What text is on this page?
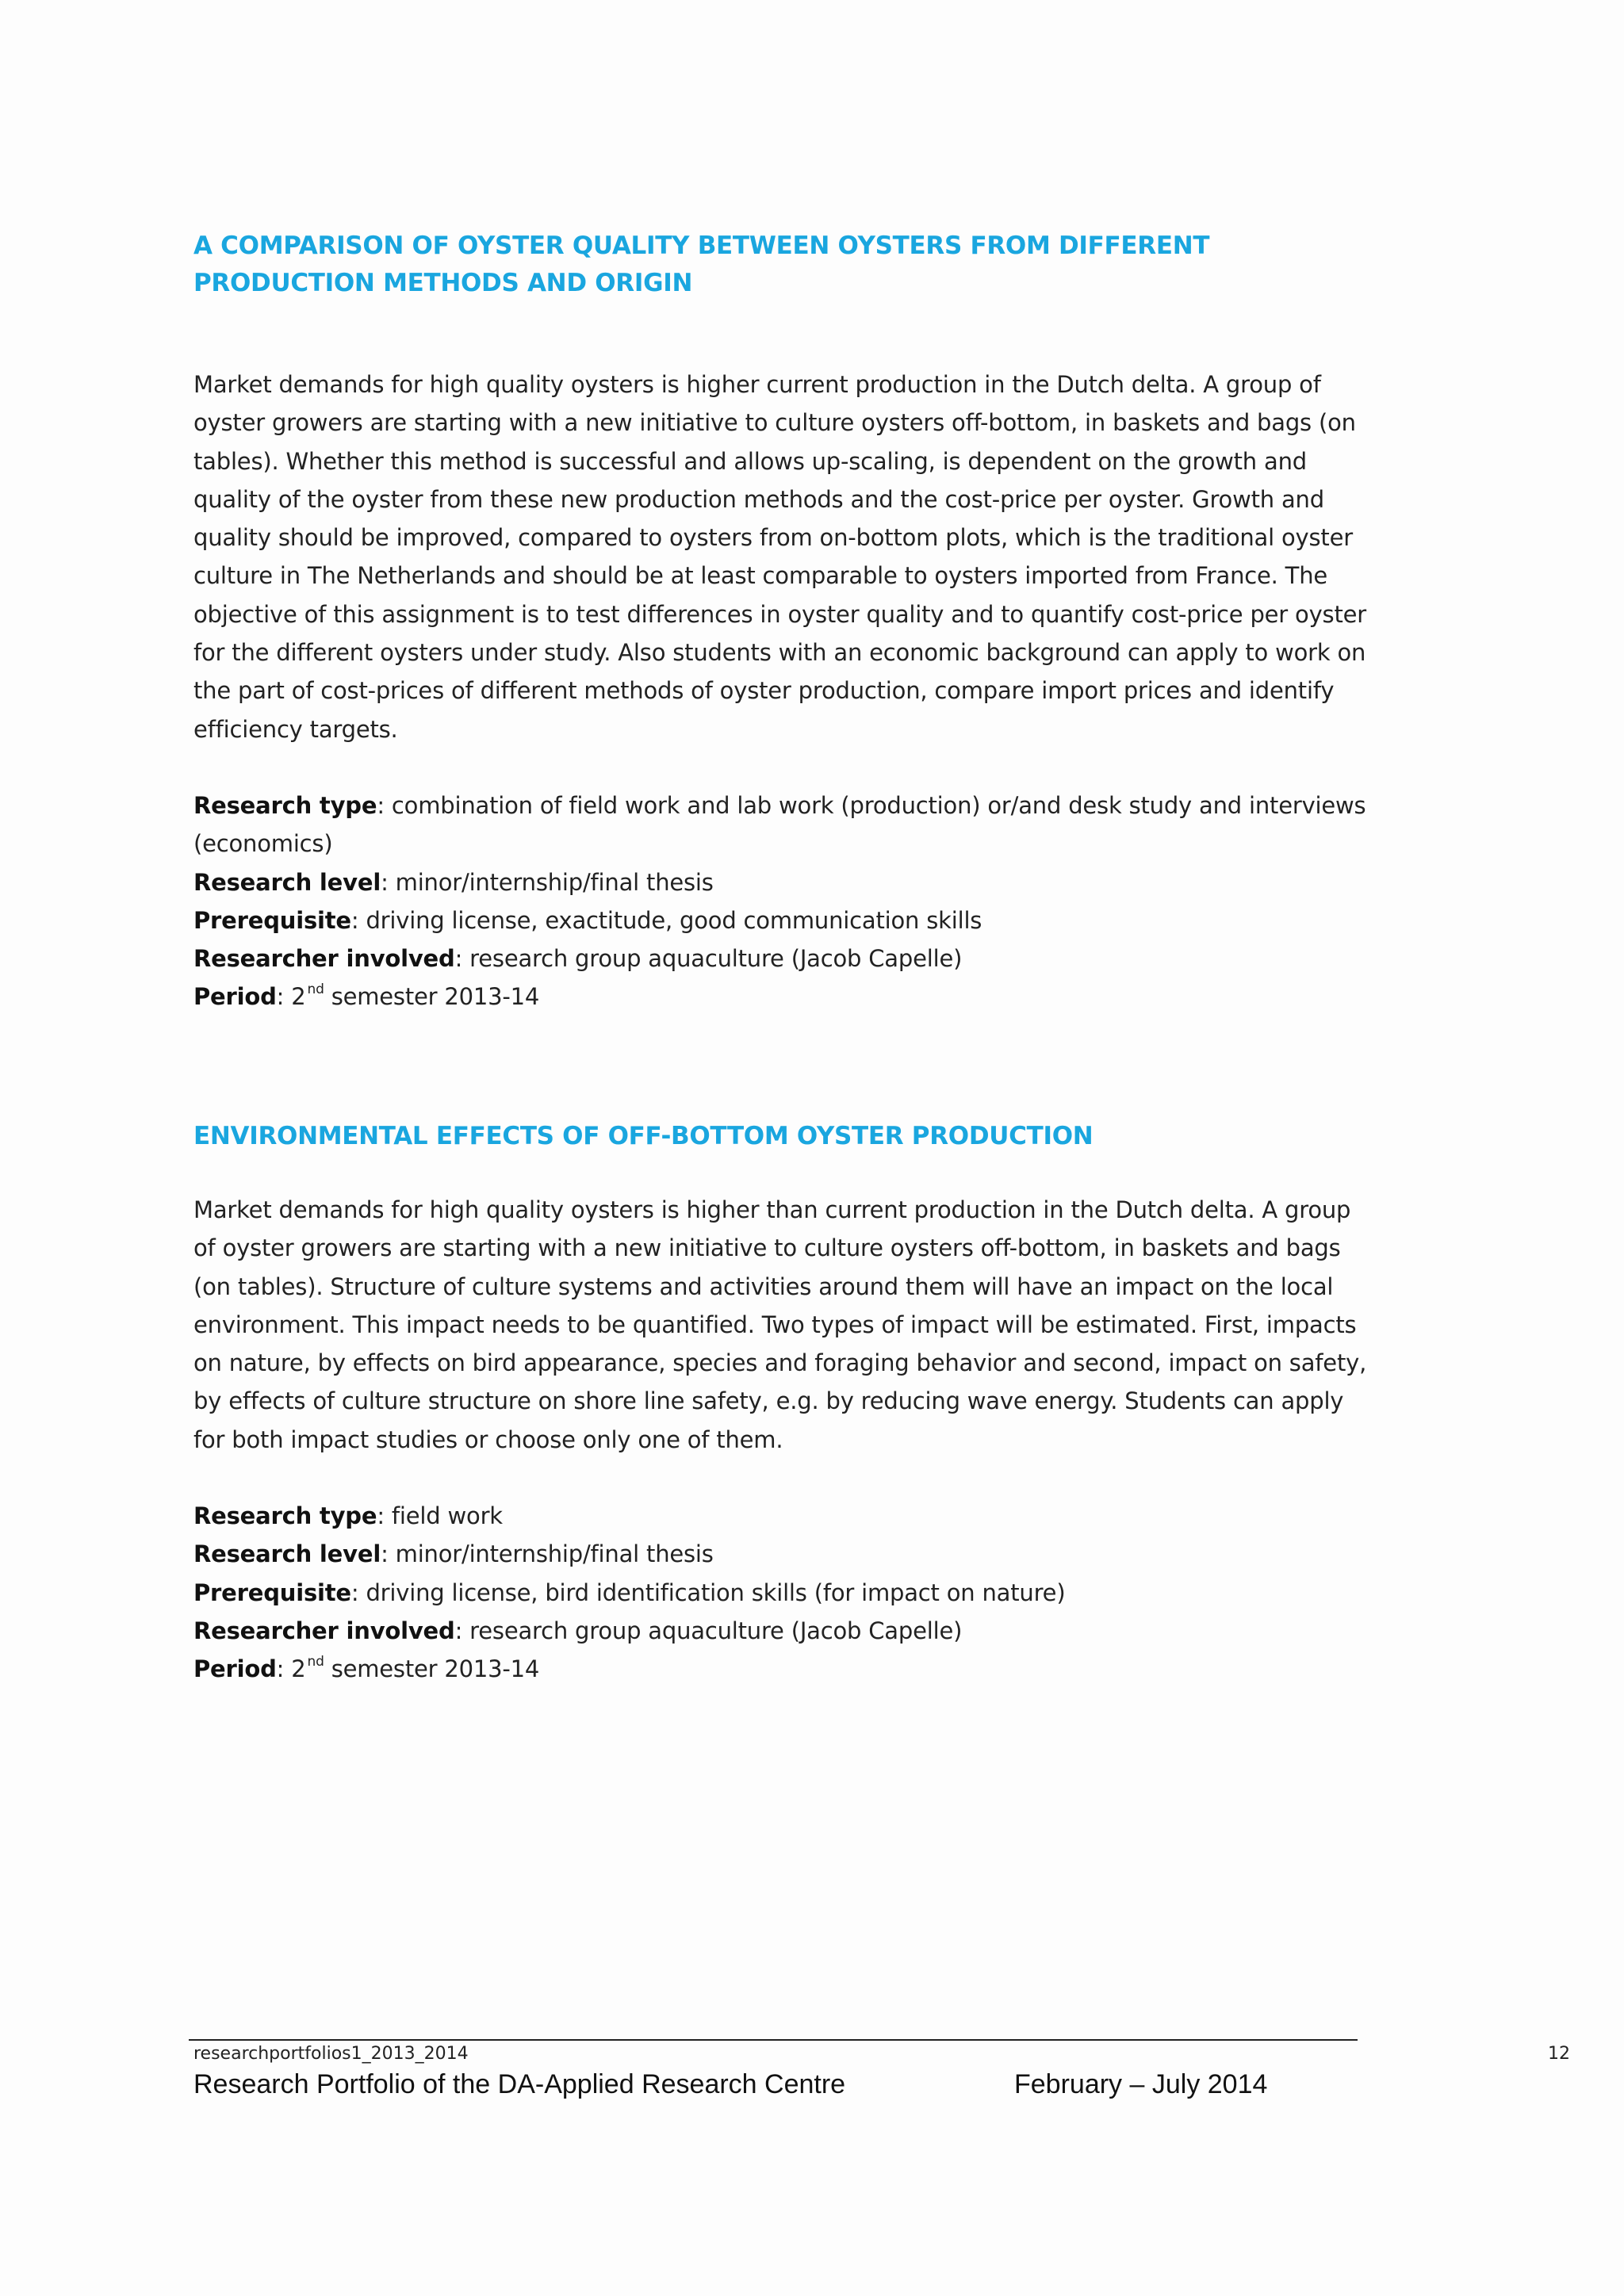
A COMPARISON OF OYSTER QUALITY BETWEEN OYSTERS FROM DIFFERENT PRODUCTION METHODS AND ORIGIN

Market demands for high quality oysters is higher current production in the Dutch delta. A group of oyster growers are starting with a new initiative to culture oysters off-bottom, in baskets and bags (on tables). Whether this method is successful and allows up-scaling, is dependent on the growth and quality of the oyster from these new production methods and the cost-price per oyster. Growth and quality should be improved, compared to oysters from on-bottom plots, which is the traditional oyster culture in The Netherlands and should be at least comparable to oysters imported from France. The objective of this assignment is to test differences in oyster quality and to quantify cost-price per oyster for the different oysters under study. Also students with an economic background can apply to work on the part of cost-prices of different methods of oyster production, compare import prices and identify efficiency targets.

Research type: combination of field work and lab work (production) or/and desk study and interviews (economics)
Research level: minor/internship/final thesis
Prerequisite: driving license, exactitude, good communication skills
Researcher involved: research group aquaculture (Jacob Capelle)
Period: 2 $^{nd}$ semester 2013-14
ENVIRONMENTAL EFFECTS OF OFF-BOTTOM OYSTER PRODUCTION

Market demands for high quality oysters is higher than current production in the Dutch delta. A group of oyster growers are starting with a new initiative to culture oysters off-bottom, in baskets and bags (on tables). Structure of culture systems and activities around them will have an impact on the local environment. This impact needs to be quantified. Two types of impact will be estimated. First, impacts on nature, by effects on bird appearance, species and foraging behavior and second, impact on safety, by effects of culture structure on shore line safety, e.g. by reducing wave energy. Students can apply for both impact studies or choose only one of them.

Research type: field work
Research level: minor/internship/final thesis
Prerequisite: driving license, bird identification skills (for impact on nature)
Researcher involved: research group aquaculture (Jacob Capelle)
Period: 2 $^{nd}$ semester 2013-14
researchportfolios1_2013_2014	12
Research Portfolio of the DA-Applied Research Centre	February – July 2014
